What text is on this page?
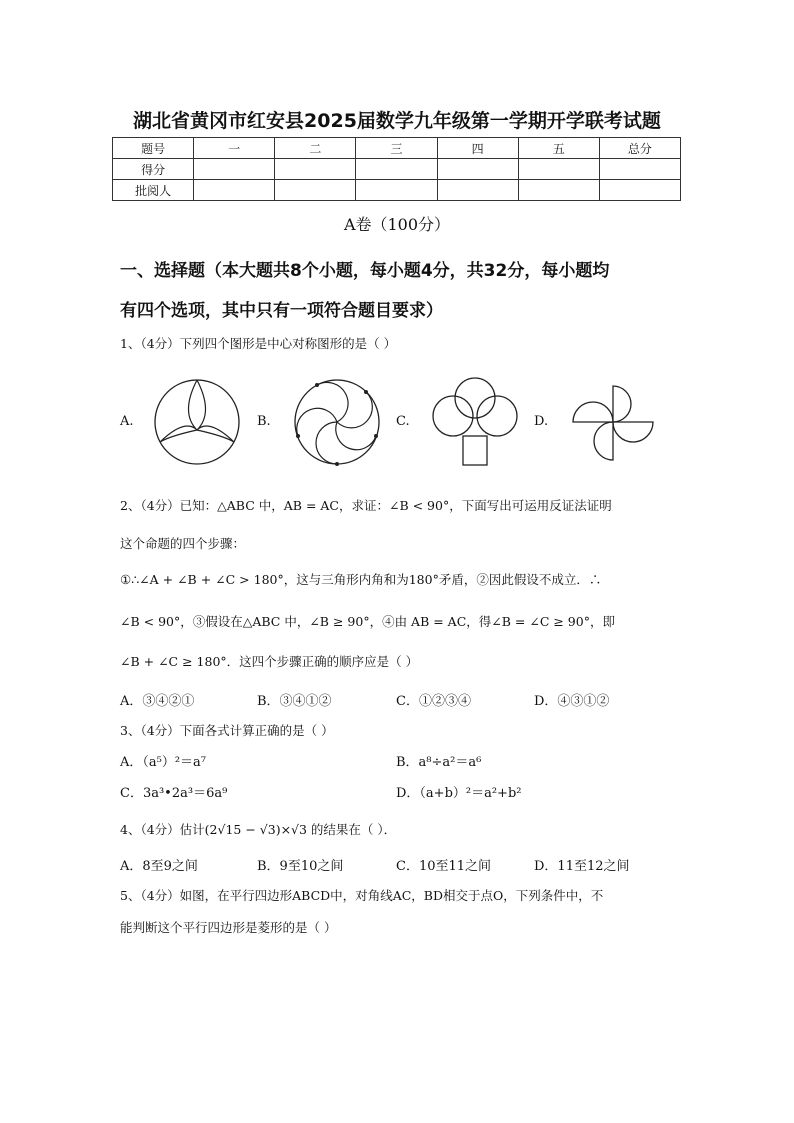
湖北省黄冈市红安县2025届数学九年级第一学期开学联考试题
题号	一	二	三	四	五	总分
得分						
批阅人						
A卷（100分）
一、选择题（本大题共8个小题，每小题4分，共32分，每小题均
有四个选项，其中只有一项符合题目要求）
1、（4分）下列四个图形是中心对称图形的是（ ）
A.	B.	C.	D.
2、（4分）已知：△ABC 中，AB = AC，求证：∠B < 90°，下面写出可运用反证法证明
这个命题的四个步骤：
①∴∠A + ∠B + ∠C > 180°，这与三角形内角和为180°矛盾，②因此假设不成立．∴
∠B < 90°，③假设在△ABC 中，∠B ≥ 90°，④由 AB = AC，得∠B = ∠C ≥ 90°，即
∠B + ∠C ≥ 180°．这四个步骤正确的顺序应是（ ）
A．③④②①	B．③④①②	C．①②③④	D．④③①②
3、（4分）下面各式计算正确的是（ ）
A．（a⁵）²＝a⁷	B．a⁸÷a²＝a⁶
C．3a³•2a³＝6a⁹	D．（a+b）²＝a²+b²
4、（4分）估计(2√15 − √3)×√3 的结果在（ ）．
A．8至9之间	B．9至10之间	C．10至11之间	D．11至12之间
5、（4分）如图，在平行四边形ABCD中，对角线AC，BD相交于点O，下列条件中，不
能判断这个平行四边形是菱形的是（ ）
